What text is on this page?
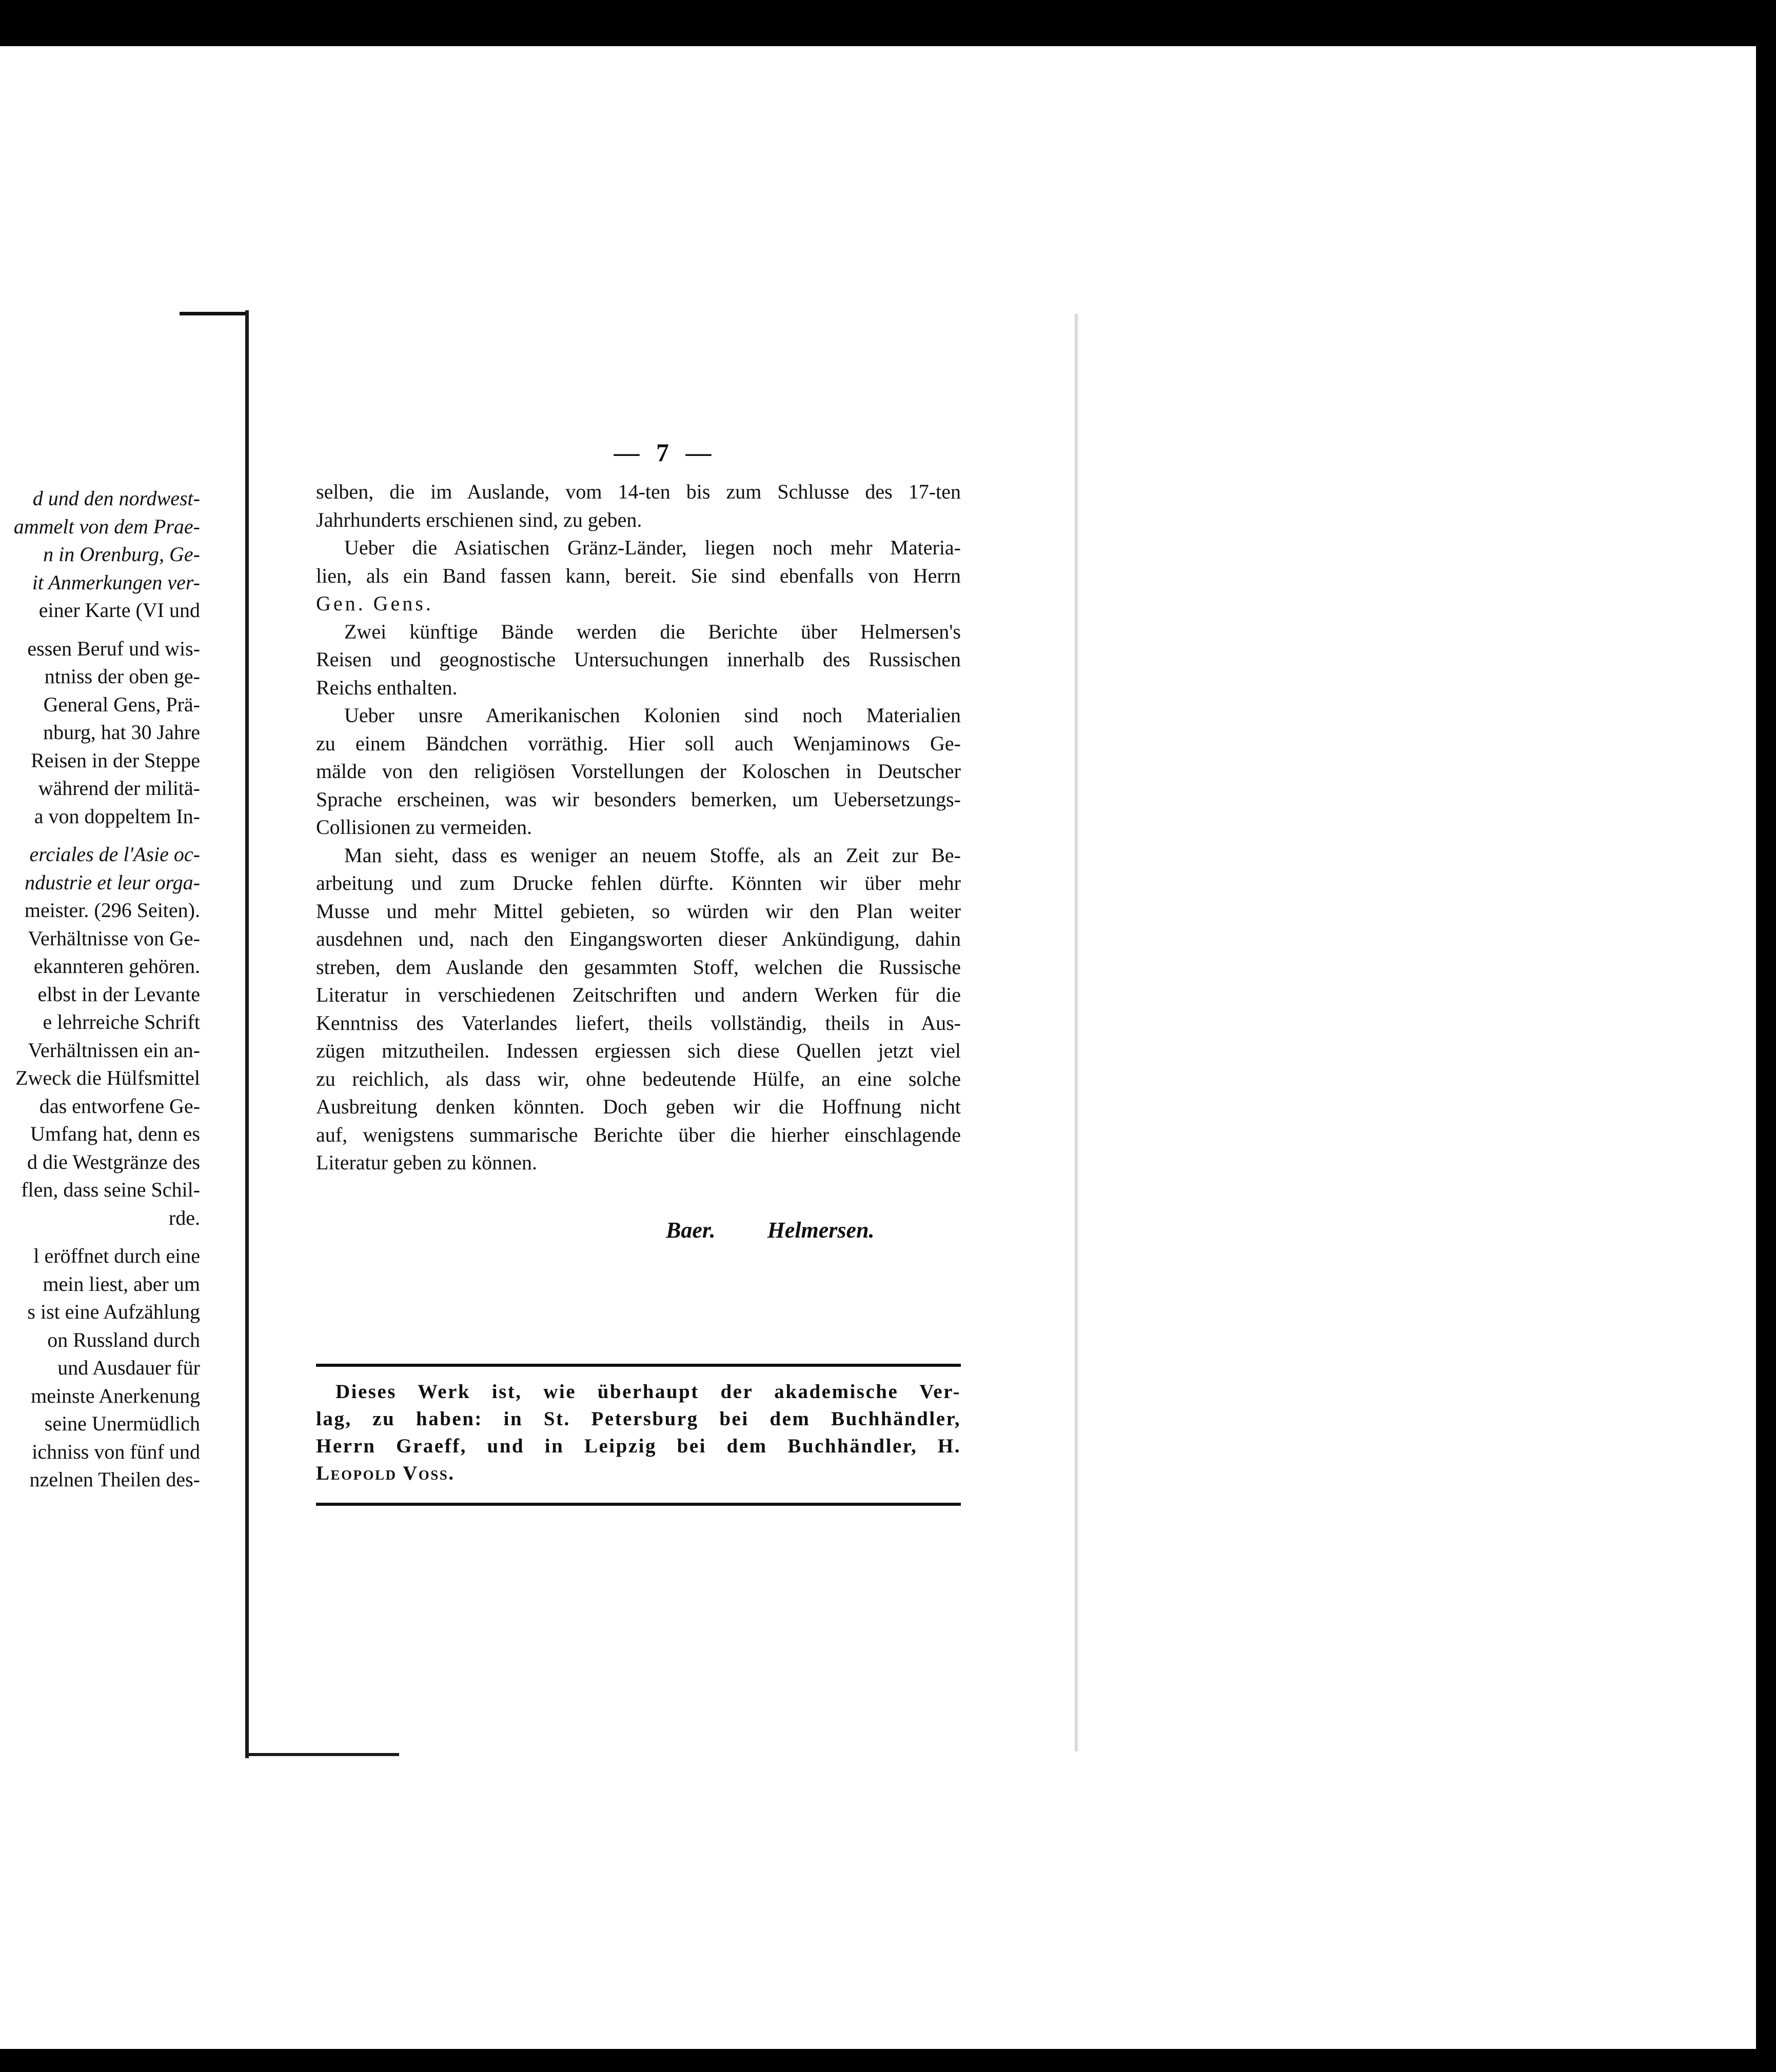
d und den nordwest-
ammelt von dem Prae-
n in Orenburg, Ge-
it Anmerkungen ver-
einer Karte (VI und
essen Beruf und wis-
ntniss der oben ge-
General Gens, Prä-
nburg, hat 30 Jahre
Reisen in der Steppe
während der militä-
a von doppeltem In-
erciales de l'Asie oc-
ndustrie et leur orga-
meister. (296 Seiten).
Verhältnisse von Ge-
ekannteren gehören.
elbst in der Levante
e lehrreiche Schrift
Verhältnissen ein an-
Zweck die Hülfsmittel
das entworfene Ge-
Umfang hat, denn es
d die Westgränze des
flen, dass seine Schil-
rde.
l eröffnet durch eine
mein liest, aber um
s ist eine Aufzählung
on Russland durch
und Ausdauer für
meinste Anerkenung
seine Unermüdlich
ichniss von fünf und
nzelnen Theilen des-
— 7 —
selben, die im Auslande, vom 14-ten bis zum Schlusse des 17-ten
Jahrhunderts erschienen sind, zu geben.
Ueber die Asiatischen Gränz-Länder, liegen noch mehr Materia-
lien, als ein Band fassen kann, bereit. Sie sind ebenfalls von Herrn
Gen. Gens.
Zwei künftige Bände werden die Berichte über Helmersen's
Reisen und geognostische Untersuchungen innerhalb des Russischen
Reichs enthalten.
Ueber unsre Amerikanischen Kolonien sind noch Materialien
zu einem Bändchen vorräthig. Hier soll auch Wenjaminows Ge-
mälde von den religiösen Vorstellungen der Koloschen in Deutscher
Sprache erscheinen, was wir besonders bemerken, um Uebersetzungs-
Collisionen zu vermeiden.
Man sieht, dass es weniger an neuem Stoffe, als an Zeit zur Be-
arbeitung und zum Drucke fehlen dürfte. Könnten wir über mehr
Musse und mehr Mittel gebieten, so würden wir den Plan weiter
ausdehnen und, nach den Eingangsworten dieser Ankündigung, dahin
streben, dem Auslande den gesammten Stoff, welchen die Russische
Literatur in verschiedenen Zeitschriften und andern Werken für die
Kenntniss des Vaterlandes liefert, theils vollständig, theils in Aus-
zügen mitzutheilen. Indessen ergiessen sich diese Quellen jetzt viel
zu reichlich, als dass wir, ohne bedeutende Hülfe, an eine solche
Ausbreitung denken könnten. Doch geben wir die Hoffnung nicht
auf, wenigstens summarische Berichte über die hierher einschlagende
Literatur geben zu können.
Baer. Helmersen.
Dieses Werk ist, wie überhaupt der akademische Ver-
lag, zu haben: in St. Petersburg bei dem Buchhändler,
Herrn Graeff, und in Leipzig bei dem Buchhändler, H.
Leopold Voss.
